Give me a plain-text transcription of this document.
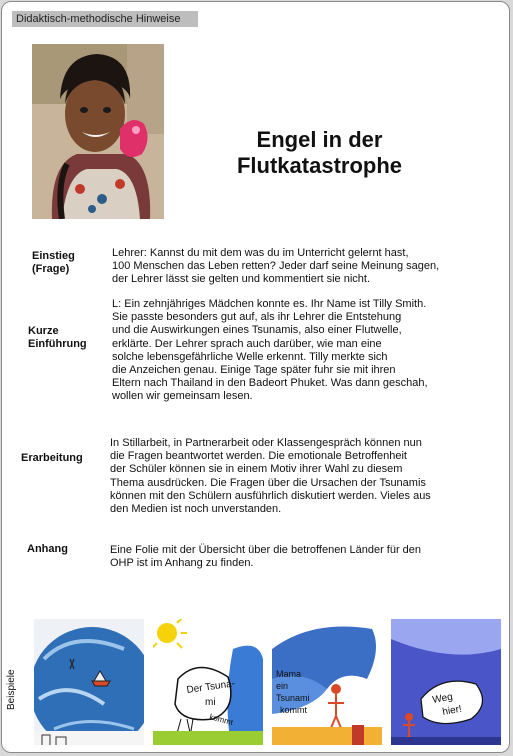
Didaktisch-methodische Hinweise
Engel in der
Flutkatastrophe
Einstieg
(Frage)
Lehrer: Kannst du mit dem was du im Unterricht gelernt hast,
100 Menschen das Leben retten? Jeder darf seine Meinung sagen,
der Lehrer lässt sie gelten und kommentiert sie nicht.
Kurze
Einführung
L: Ein zehnjähriges Mädchen konnte es. Ihr Name ist Tilly Smith.
Sie passte besonders gut auf, als ihr Lehrer die Entstehung
und die Auswirkungen eines Tsunamis, also einer Flutwelle,
erklärte. Der Lehrer sprach auch darüber, wie man eine
solche lebensgefährliche Welle erkennt. Tilly merkte sich
die Anzeichen genau. Einige Tage später fuhr sie mit ihren
Eltern nach Thailand in den Badeort Phuket. Was dann geschah,
wollen wir gemeinsam lesen.
Erarbeitung
In Stillarbeit, in Partnerarbeit oder Klassengespräch können nun
die Fragen beantwortet werden. Die emotionale Betroffenheit
der Schüler können sie in einem Motiv ihrer Wahl zu diesem
Thema ausdrücken. Die Fragen über die Ursachen der Tsunamis
können mit den Schülern ausführlich diskutiert werden. Vieles aus
den Medien ist noch unverstanden.
Anhang	Eine Folie mit der Übersicht über die betroffenen Länder für den
OHP ist im Anhang zu finden.
Beispiele	Der Tsuna-
mi
kommt
Mama
ein
Tsunami
kommt
Weg
hier!
